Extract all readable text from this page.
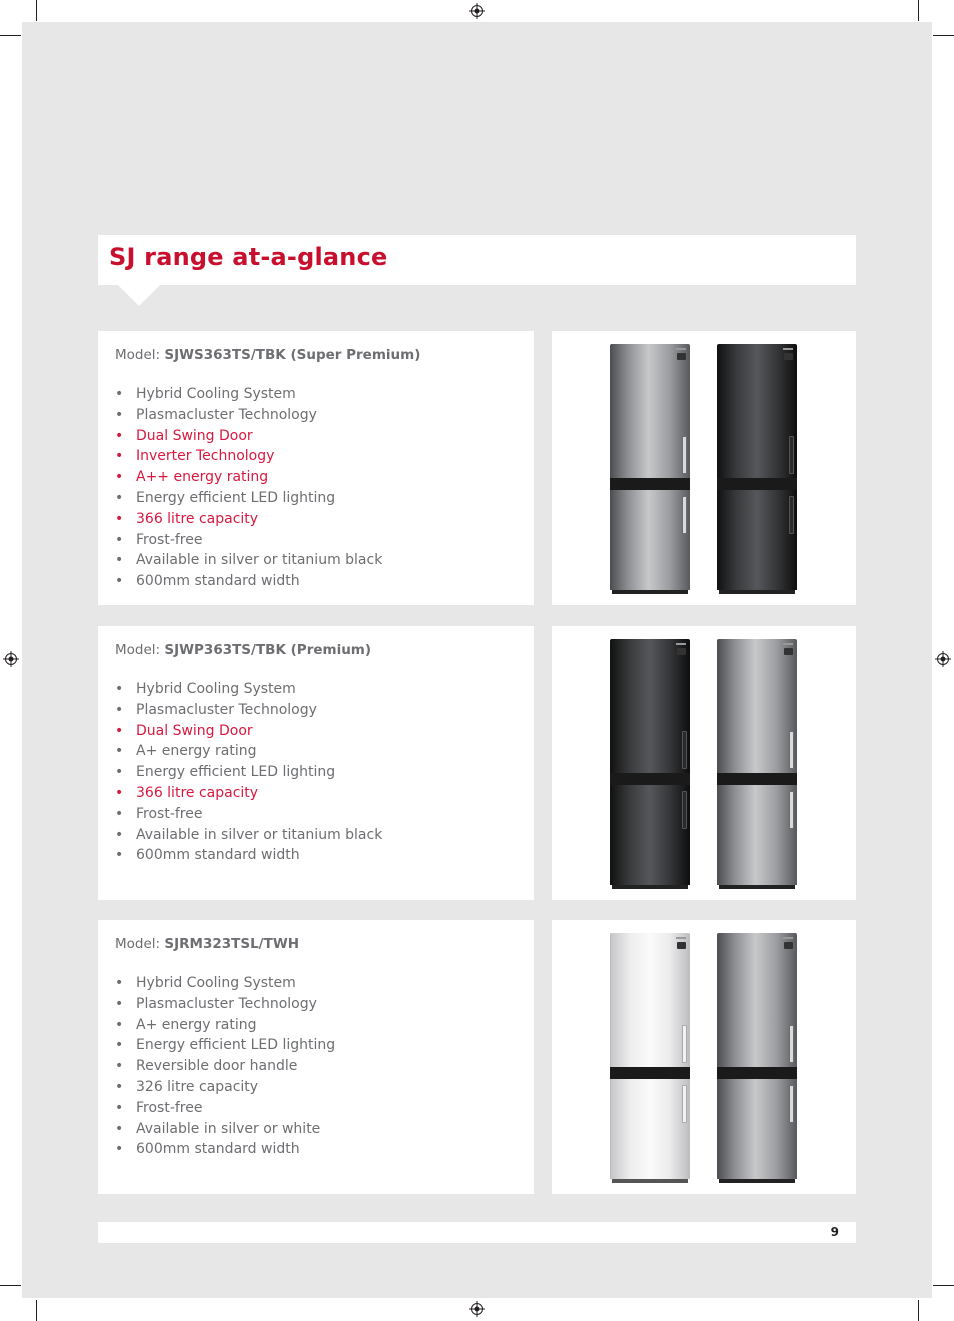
SJ range at-a-glance
Model: SJWS363TS/TBK (Super Premium)
• Hybrid Cooling System
• Plasmacluster Technology
• Dual Swing Door
• Inverter Technology
• A++ energy rating
• Energy efficient LED lighting
• 366 litre capacity
• Frost-free
• Available in silver or titanium black
• 600mm standard width
Model: SJWP363TS/TBK (Premium)
• Hybrid Cooling System
• Plasmacluster Technology
• Dual Swing Door
• A+ energy rating
• Energy efficient LED lighting
• 366 litre capacity
• Frost-free
• Available in silver or titanium black
• 600mm standard width
Model: SJRM323TSL/TWH
• Hybrid Cooling System
• Plasmacluster Technology
• A+ energy rating
• Energy efficient LED lighting
• Reversible door handle
• 326 litre capacity
• Frost-free
• Available in silver or white
• 600mm standard width
9
